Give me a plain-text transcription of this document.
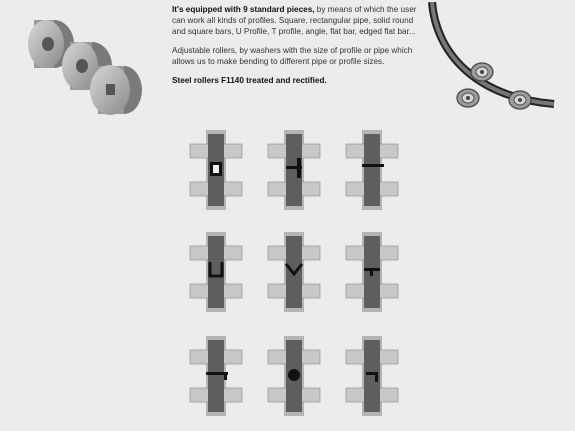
It's equipped with 9 standard pieces, by means of which the user can work all kinds of profiles. Square, rectangular pipe, solid round and square bars, U Profile, T profile, angle, flat bar, edged flat bar...

Adjustable rollers, by washers with the size of profile or pipe which allows us to make bending to different pipe or profile sizes.

Steel rollers F1140 treated and rectified.
